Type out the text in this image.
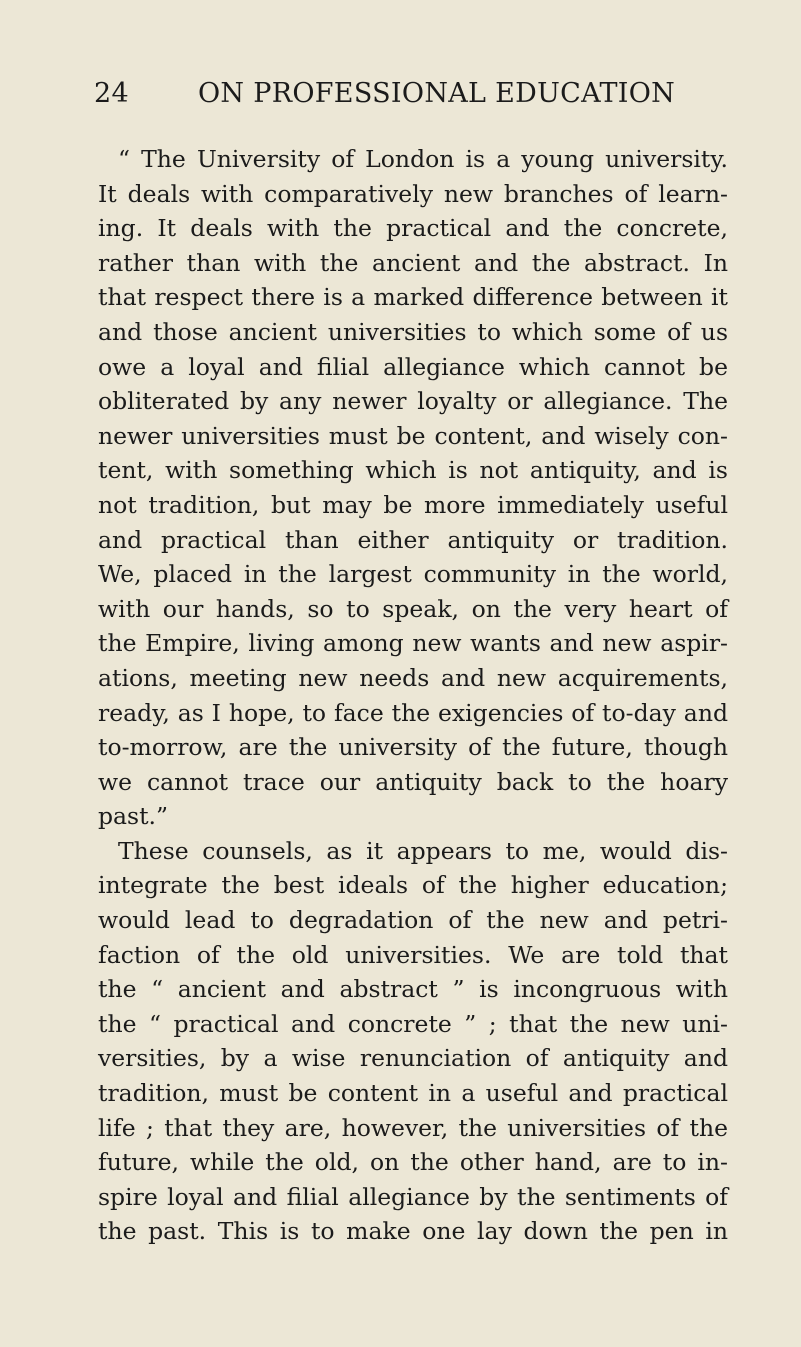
24	ON PROFESSIONAL EDUCATION
“ The University of London is a young university.
It deals with comparatively new branches of learn-
ing. It deals with the practical and the concrete,
rather than with the ancient and the abstract. In
that respect there is a marked difference between it
and those ancient universities to which some of us
owe a loyal and filial allegiance which cannot be
obliterated by any newer loyalty or allegiance. The
newer universities must be content, and wisely con-
tent, with something which is not antiquity, and is
not tradition, but may be more immediately useful
and practical than either antiquity or tradition.
We, placed in the largest community in the world,
with our hands, so to speak, on the very heart of
the Empire, living among new wants and new aspir-
ations, meeting new needs and new acquirements,
ready, as I hope, to face the exigencies of to-day and
to-morrow, are the university of the future, though
we cannot trace our antiquity back to the hoary
past.”
These counsels, as it appears to me, would dis-
integrate the best ideals of the higher education;
would lead to degradation of the new and petri-
faction of the old universities. We are told that
the “ ancient and abstract ” is incongruous with
the “ practical and concrete ” ; that the new uni-
versities, by a wise renunciation of antiquity and
tradition, must be content in a useful and practical
life ; that they are, however, the universities of the
future, while the old, on the other hand, are to in-
spire loyal and filial allegiance by the sentiments of
the past. This is to make one lay down the pen in
